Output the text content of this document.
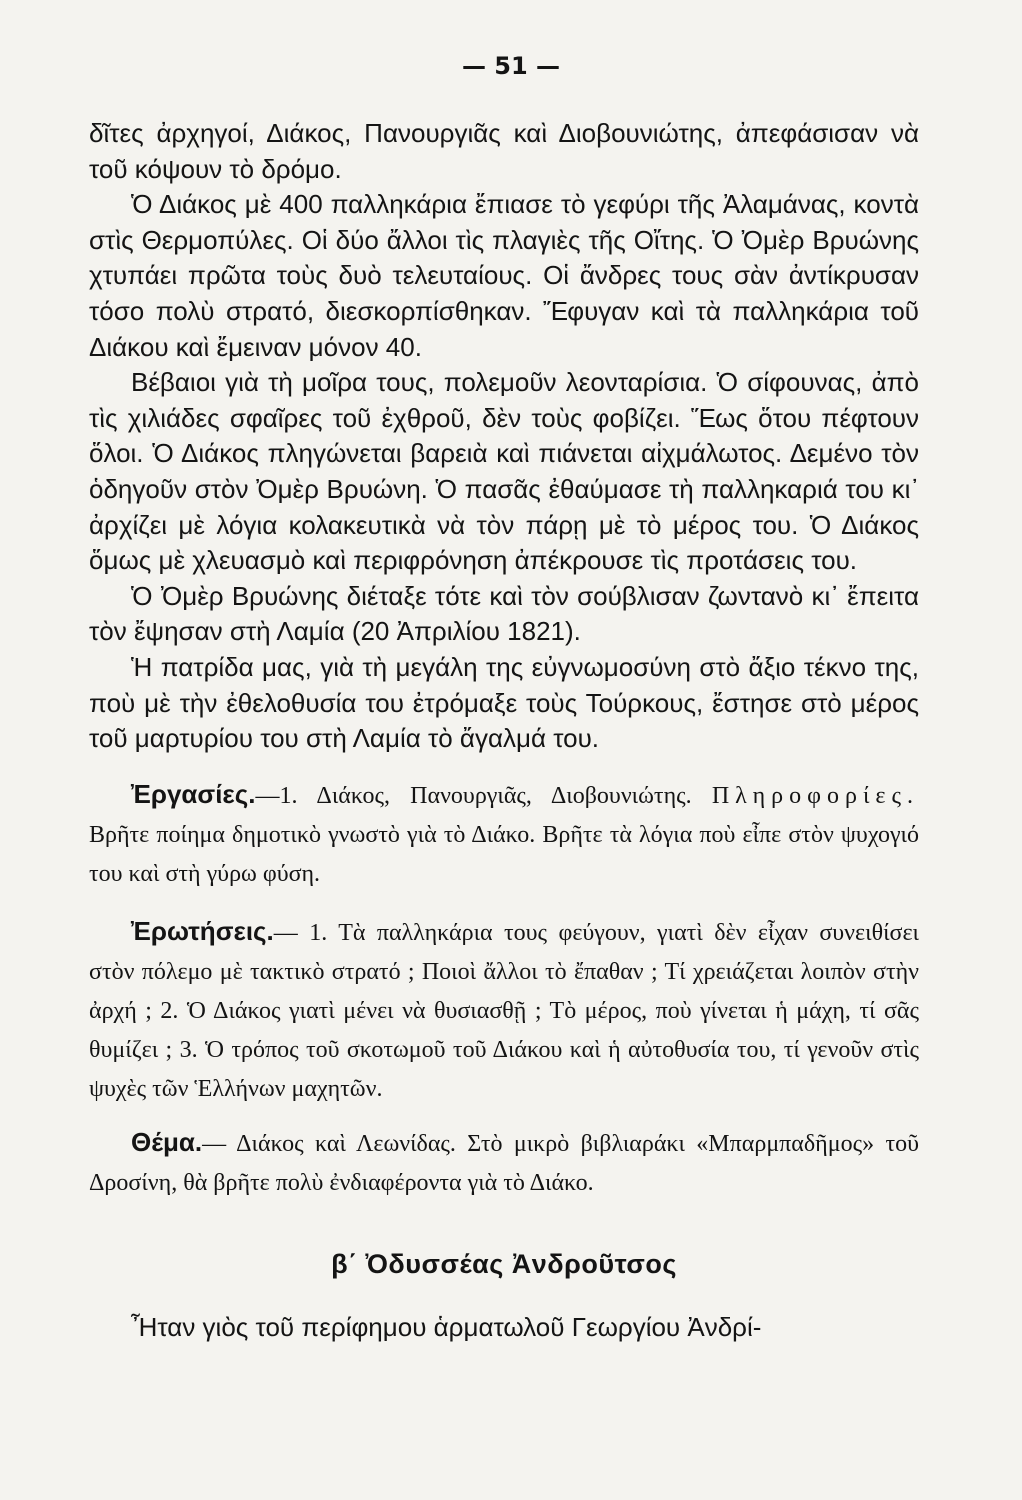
— 51 —

δῖτες ἀρχηγοί, Διάκος, Πανουργιᾶς καὶ Διοβουνιώτης, ἀπεφάσισαν νὰ τοῦ κόψουν τὸ δρόμο.

Ὁ Διάκος μὲ 400 παλληκάρια ἔπιασε τὸ γεφύρι τῆς Ἀλαμάνας, κοντὰ στὶς Θερμοπύλες. Οἱ δύο ἄλλοι τὶς πλαγιὲς τῆς Οἴτης. Ὁ Ὀμὲρ Βρυώνης χτυπάει πρῶτα τοὺς δυὸ τελευταίους. Οἱ ἄνδρες τους σὰν ἀντίκρυσαν τόσο πολὺ στρατό, διεσκορπίσθηκαν. Ἔφυγαν καὶ τὰ παλληκάρια τοῦ Διάκου καὶ ἔμειναν μόνον 40.

Βέβαιοι γιὰ τὴ μοῖρα τους, πολεμοῦν λεονταρίσια. Ὁ σίφουνας, ἀπὸ τὶς χιλιάδες σφαῖρες τοῦ ἐχθροῦ, δὲν τοὺς φοβίζει. Ἕως ὅτου πέφτουν ὅλοι. Ὁ Διάκος πληγώνεται βαρειὰ καὶ πιάνεται αἰχμάλωτος. Δεμένο τὸν ὁδηγοῦν στὸν Ὀμὲρ Βρυώνη. Ὁ πασᾶς ἐθαύμασε τὴ παλληκαριά του κι᾿ ἀρχίζει μὲ λόγια κολακευτικὰ νὰ τὸν πάρῃ μὲ τὸ μέρος του. Ὁ Διάκος ὅμως μὲ χλευασμὸ καὶ περιφρόνηση ἀπέκρουσε τὶς προτάσεις του.

Ὁ Ὀμὲρ Βρυώνης διέταξε τότε καὶ τὸν σούβλισαν ζωντανὸ κι᾿ ἔπειτα τὸν ἔψησαν στὴ Λαμία (20 Ἀπριλίου 1821).

Ἡ πατρίδα μας, γιὰ τὴ μεγάλη της εὐγνωμοσύνη στὸ ἄξιο τέκνο της, ποὺ μὲ τὴν ἐθελοθυσία του ἐτρόμαξε τοὺς Τούρκους, ἔστησε στὸ μέρος τοῦ μαρτυρίου του στὴ Λαμία τὸ ἄγαλμά του.

Ἐργασίες.—1. Διάκος, Πανουργιᾶς, Διοβουνιώτης. Πληροφορίες. Βρῆτε ποίημα δημοτικὸ γνωστὸ γιὰ τὸ Διάκο. Βρῆτε τὰ λόγια ποὺ εἶπε στὸν ψυχογιό του καὶ στὴ γύρω φύση.

Ἐρωτήσεις.— 1. Τὰ παλληκάρια τους φεύγουν, γιατὶ δὲν εἶχαν συνειθίσει στὸν πόλεμο μὲ τακτικὸ στρατό ; Ποιοὶ ἄλλοι τὸ ἔπαθαν ; Τί χρειάζεται λοιπὸν στὴν ἀρχή ; 2. Ὁ Διάκος γιατὶ μένει νὰ θυσιασθῇ ; Τὸ μέρος, ποὺ γίνεται ἡ μάχη, τί σᾶς θυμίζει ; 3. Ὁ τρόπος τοῦ σκοτωμοῦ τοῦ Διάκου καὶ ἡ αὐτοθυσία του, τί γενοῦν στὶς ψυχὲς τῶν Ἑλλήνων μαχητῶν.

Θέμα.— Διάκος καὶ Λεωνίδας. Στὸ μικρὸ βιβλιαράκι «Μπαρμπαδῆμος» τοῦ Δροσίνη, θὰ βρῆτε πολὺ ἐνδιαφέροντα γιὰ τὸ Διάκο.

β΄ Ὀδυσσέας Ἀνδροῦτσος

Ἦταν γιὸς τοῦ περίφημου ἁρματωλοῦ Γεωργίου Ἀνδρί-
